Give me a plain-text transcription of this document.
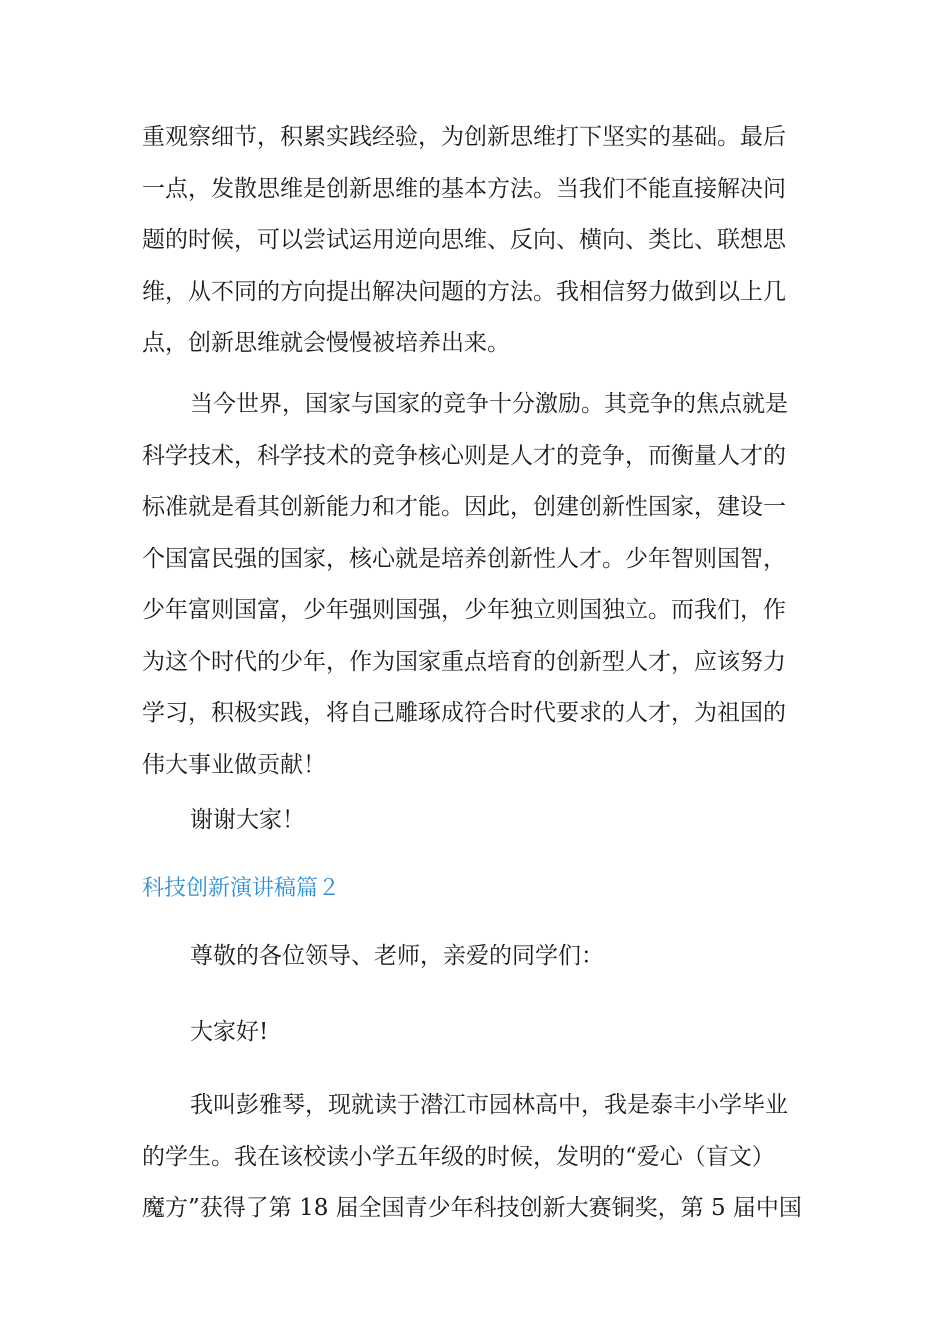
重观察细节，积累实践经验，为创新思维打下坚实的基础。最后
一点，发散思维是创新思维的基本方法。当我们不能直接解决问
题的时候，可以尝试运用逆向思维、反向、横向、类比、联想思
维，从不同的方向提出解决问题的方法。我相信努力做到以上几
点，创新思维就会慢慢被培养出来。
当今世界，国家与国家的竞争十分激励。其竞争的焦点就是
科学技术，科学技术的竞争核心则是人才的竞争，而衡量人才的
标准就是看其创新能力和才能。因此，创建创新性国家，建设一
个国富民强的国家，核心就是培养创新性人才。少年智则国智，
少年富则国富，少年强则国强，少年独立则国独立。而我们，作
为这个时代的少年，作为国家重点培育的创新型人才，应该努力
学习，积极实践，将自己雕琢成符合时代要求的人才，为祖国的
伟大事业做贡献！
谢谢大家！
科技创新演讲稿篇２
尊敬的各位领导、老师，亲爱的同学们：
大家好!
我叫彭雅琴，现就读于潜江市园林高中，我是泰丰小学毕业
的学生。我在该校读小学五年级的时候，发明的“爱心（盲文）
魔方”获得了第 18 届全国青少年科技创新大赛铜奖，第 5 届中国
